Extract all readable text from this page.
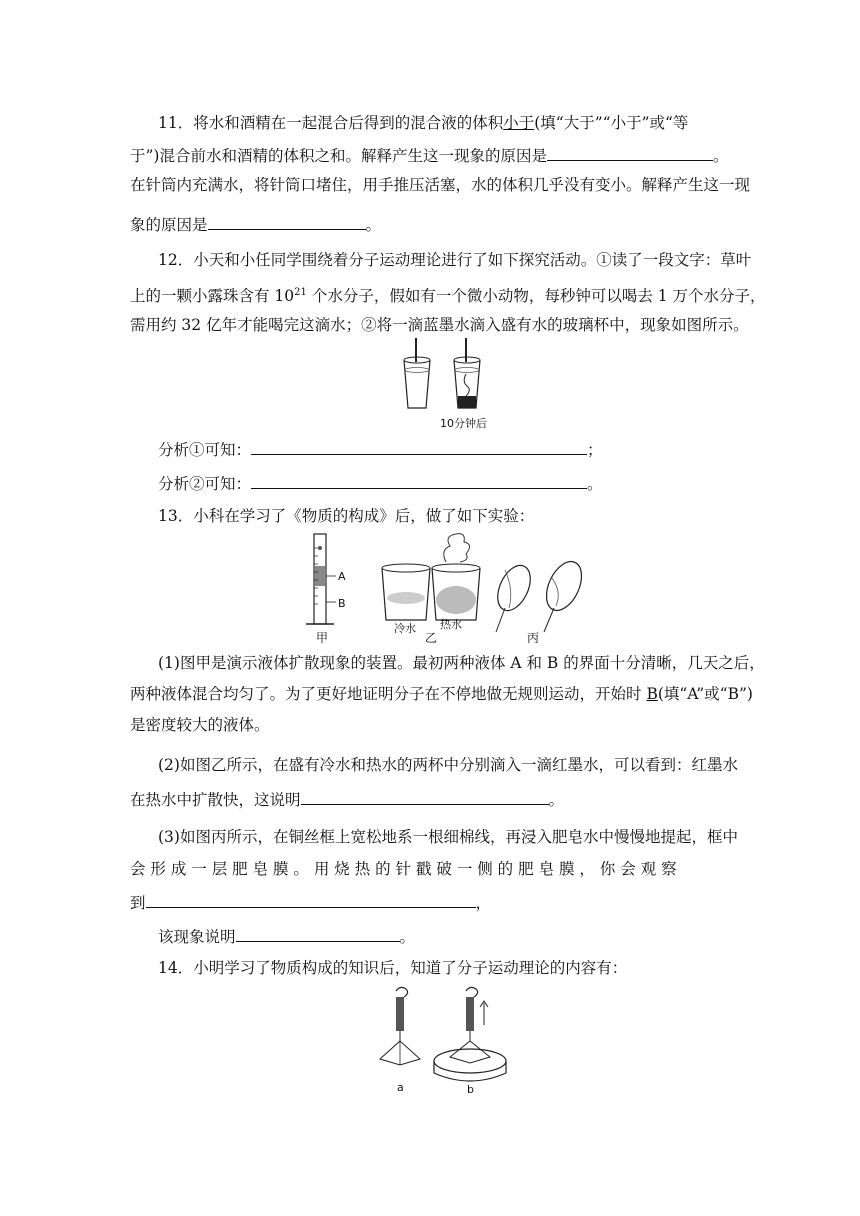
11．将水和酒精在一起混合后得到的混合液的体积小于(填“大于”“小于”或“等
于”)混合前水和酒精的体积之和。解释产生这一现象的原因是	。
在针筒内充满水，将针筒口堵住，用手推压活塞，水的体积几乎没有变小。解释产生这一现
象的原因是	。
12．小天和小任同学围绕着分子运动理论进行了如下探究活动。①读了一段文字：草叶
上的一颗小露珠含有 $10^{21}$ 个水分子，假如有一个微小动物，每秒钟可以喝去 1 万个水分子，
需用约 32 亿年才能喝完这滴水；②将一滴蓝墨水滴入盛有水的玻璃杯中，现象如图所示。
10分钟后
分析①可知：	；
分析②可知：	。
13．小科在学习了《物质的构成》后，做了如下实验：
A
B
甲
冷水 热水
乙	丙
(1)图甲是演示液体扩散现象的装置。最初两种液体 A 和 B 的界面十分清晰，几天之后，
两种液体混合均匀了。为了更好地证明分子在不停地做无规则运动，开始时 B(填“A”或“B”)
是密度较大的液体。
(2)如图乙所示，在盛有冷水和热水的两杯中分别滴入一滴红墨水，可以看到：红墨水
在热水中扩散快，这说明	。
(3)如图丙所示，在铜丝框上宽松地系一根细棉线，再浸入肥皂水中慢慢地提起，框中
会 形 成 一 层 肥 皂 膜 。 用 烧 热 的 针 戳 破 一 侧 的 肥 皂 膜 ， 你 会 观 察
到	，
该现象说明	。
14．小明学习了物质构成的知识后，知道了分子运动理论的内容有：
a	b
